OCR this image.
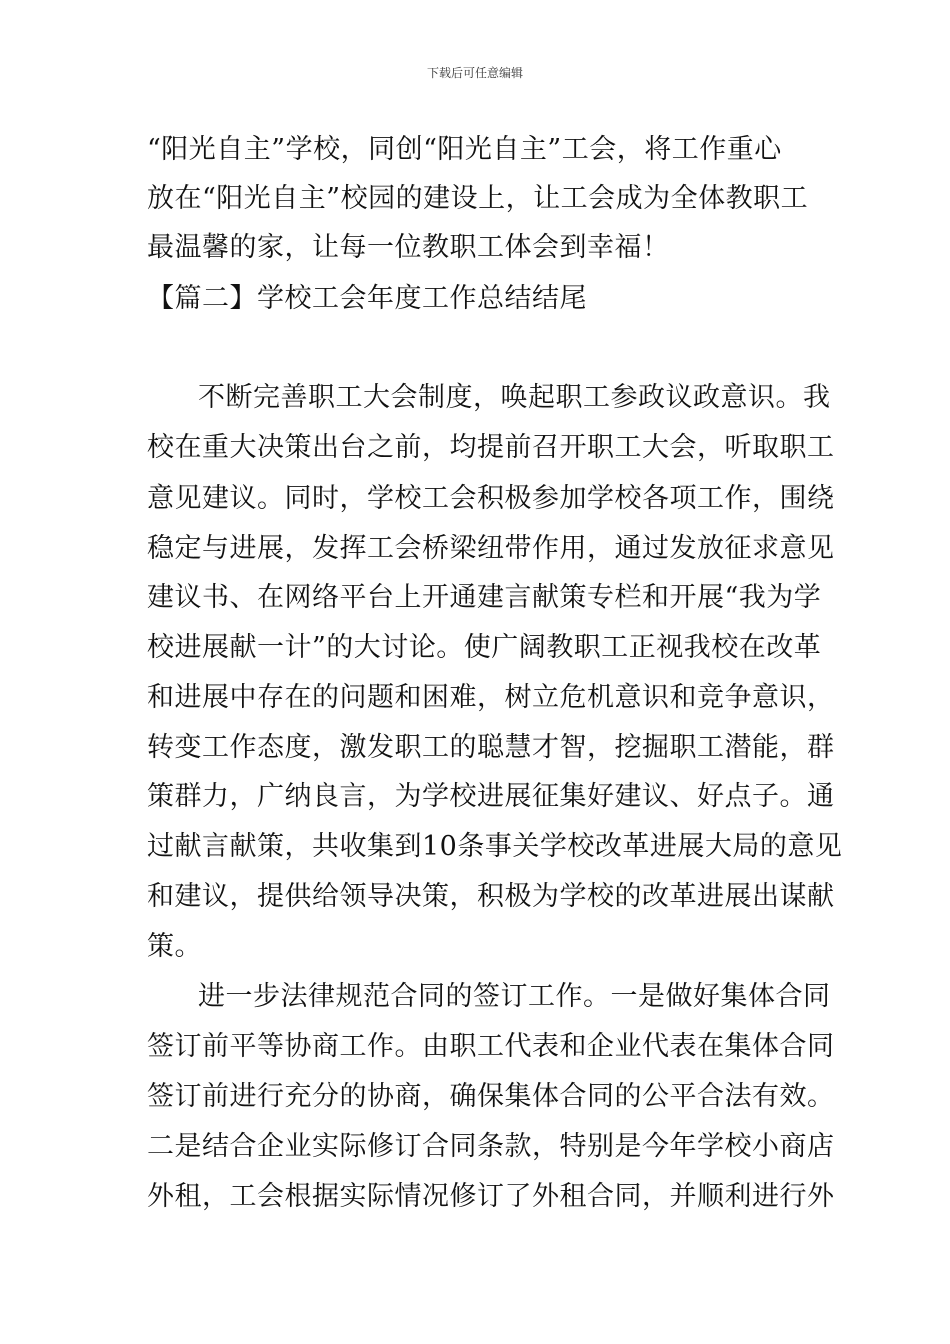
下载后可任意编辑
“阳光自主”学校，同创“阳光自主”工会，将工作重心
放在“阳光自主”校园的建设上，让工会成为全体教职工
最温馨的家，让每一位教职工体会到幸福！
【篇二】学校工会年度工作总结结尾
不断完善职工大会制度，唤起职工参政议政意识。我
校在重大决策出台之前，均提前召开职工大会，听取职工
意见建议。同时，学校工会积极参加学校各项工作，围绕
稳定与进展，发挥工会桥梁纽带作用，通过发放征求意见
建议书、在网络平台上开通建言献策专栏和开展“我为学
校进展献一计”的大讨论。使广阔教职工正视我校在改革
和进展中存在的问题和困难，树立危机意识和竞争意识，
转变工作态度，激发职工的聪慧才智，挖掘职工潜能，群
策群力，广纳良言，为学校进展征集好建议、好点子。通
过献言献策，共收集到10条事关学校改革进展大局的意见
和建议，提供给领导决策，积极为学校的改革进展出谋献
策。
进一步法律规范合同的签订工作。一是做好集体合同
签订前平等协商工作。由职工代表和企业代表在集体合同
签订前进行充分的协商，确保集体合同的公平合法有效。
二是结合企业实际修订合同条款，特别是今年学校小商店
外租，工会根据实际情况修订了外租合同，并顺利进行外
